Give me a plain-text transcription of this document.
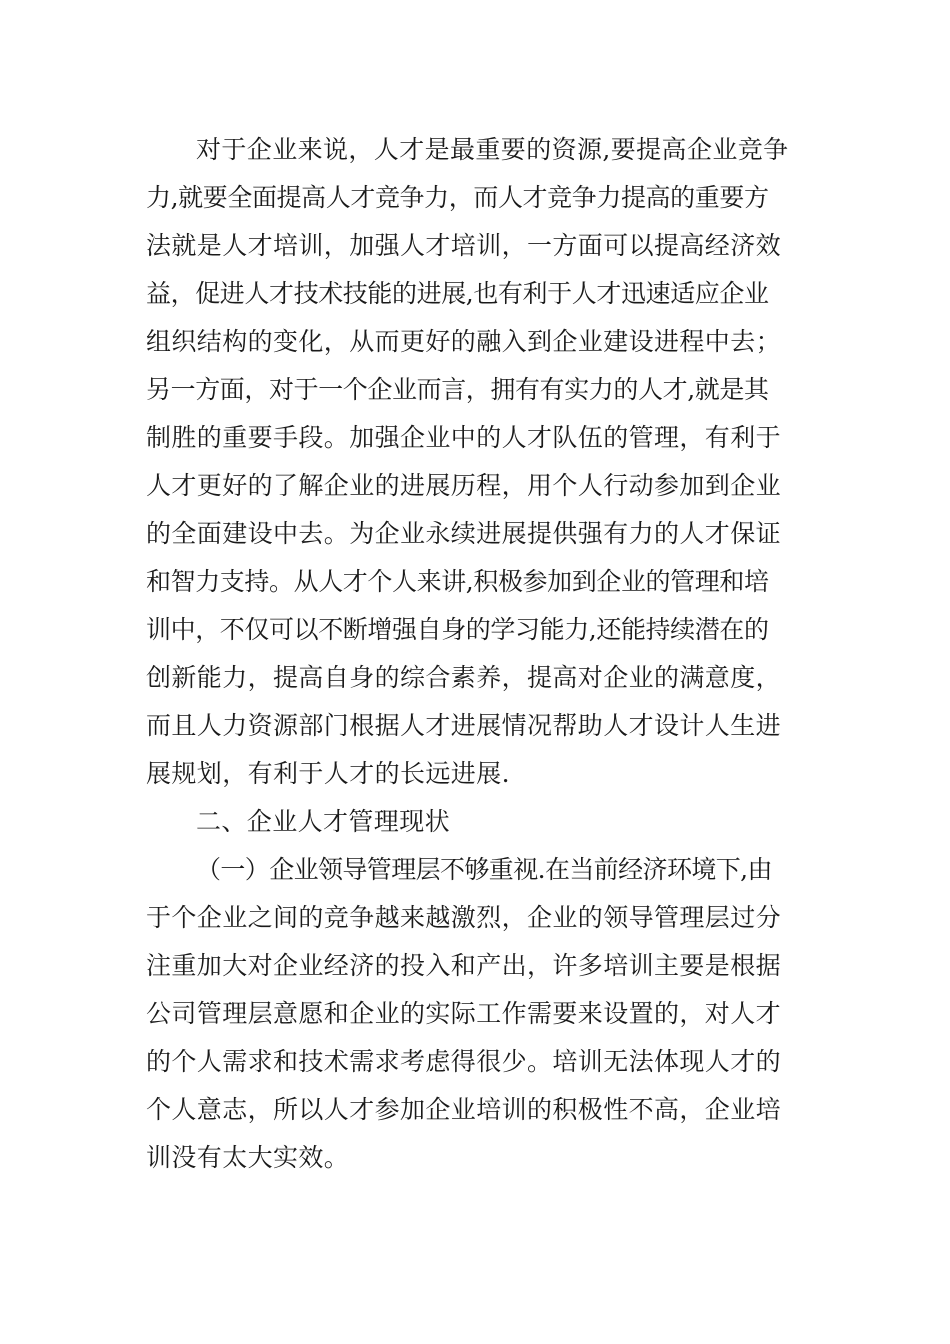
对于企业来说，人才是最重要的资源,要提高企业竞争
力,就要全面提高人才竞争力，而人才竞争力提高的重要方
法就是人才培训，加强人才培训，一方面可以提高经济效
益，促进人才技术技能的进展,也有利于人才迅速适应企业
组织结构的变化，从而更好的融入到企业建设进程中去；
另一方面，对于一个企业而言，拥有有实力的人才,就是其
制胜的重要手段。加强企业中的人才队伍的管理，有利于
人才更好的了解企业的进展历程，用个人行动参加到企业
的全面建设中去。为企业永续进展提供强有力的人才保证
和智力支持。从人才个人来讲,积极参加到企业的管理和培
训中，不仅可以不断增强自身的学习能力,还能持续潜在的
创新能力，提高自身的综合素养，提高对企业的满意度，
而且人力资源部门根据人才进展情况帮助人才设计人生进
展规划，有利于人才的长远进展.
二、企业人才管理现状
（一）企业领导管理层不够重视.在当前经济环境下,由
于个企业之间的竞争越来越激烈，企业的领导管理层过分
注重加大对企业经济的投入和产出，许多培训主要是根据
公司管理层意愿和企业的实际工作需要来设置的，对人才
的个人需求和技术需求考虑得很少。培训无法体现人才的
个人意志，所以人才参加企业培训的积极性不高，企业培
训没有太大实效。
